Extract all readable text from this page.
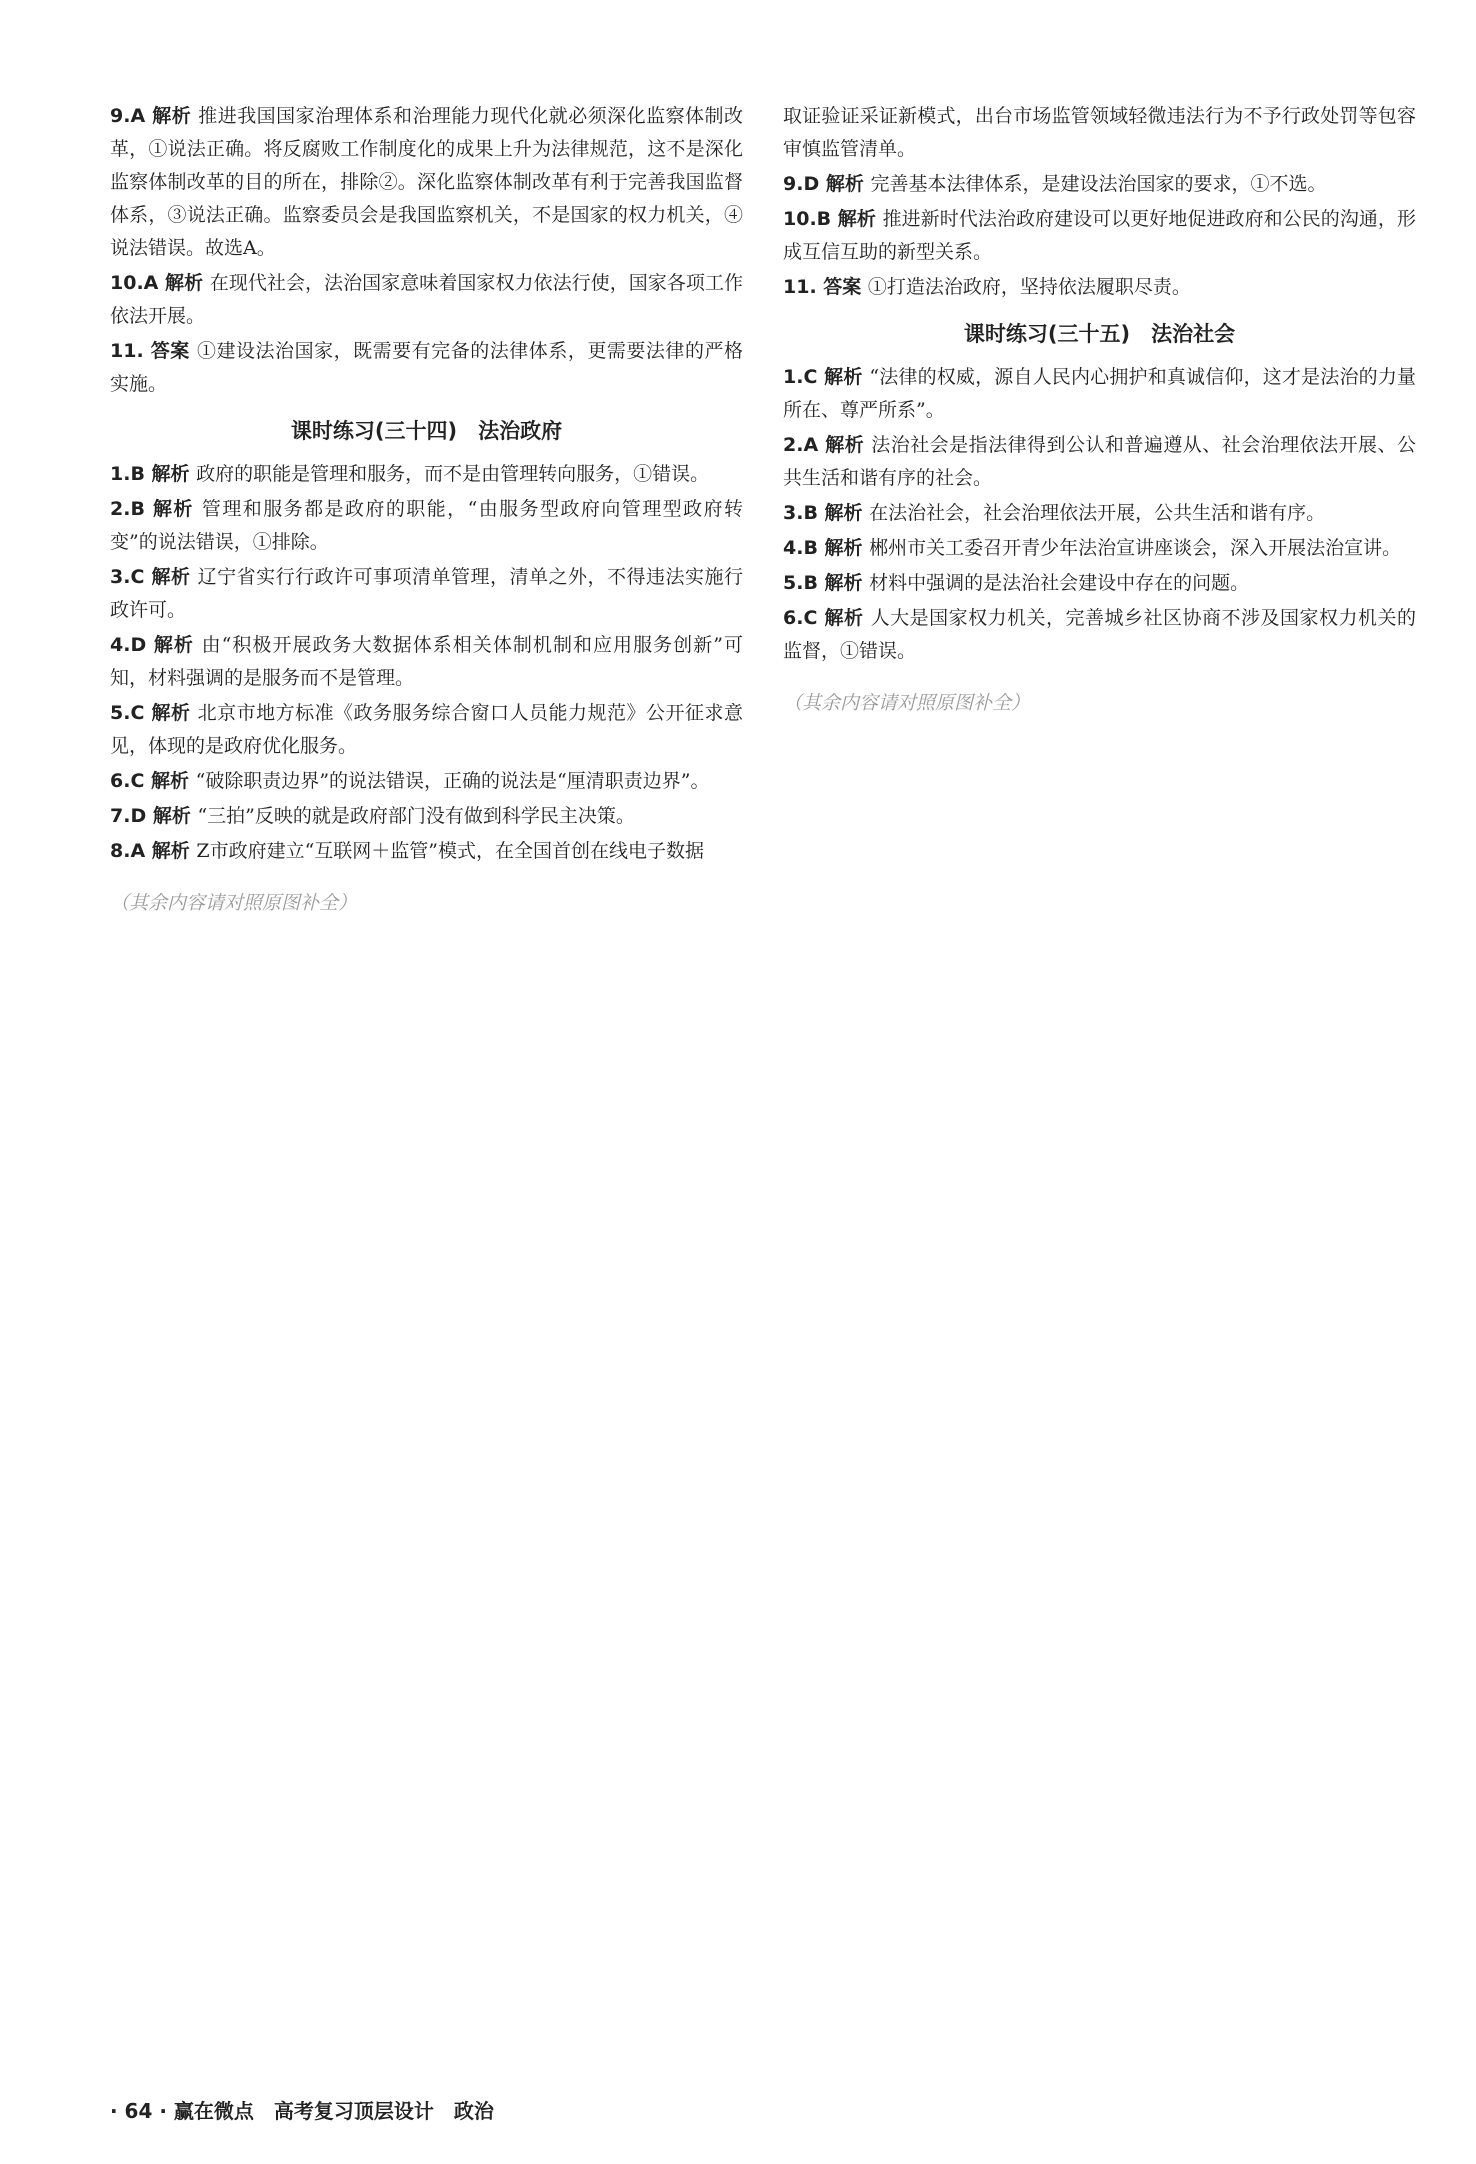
9.A 解析 推进我国国家治理体系和治理能力现代化就必须深化监察体制改革，①说法正确。将反腐败工作制度化的成果上升为法律规范，这不是深化监察体制改革的目的所在，排除②。深化监察体制改革有利于完善我国监督体系，③说法正确。监察委员会是我国监察机关，不是国家的权力机关，④说法错误。故选A。

10.A 解析 在现代社会，法治国家意味着国家权力依法行使，国家各项工作依法开展。

11. 答案 ①建设法治国家，既需要有完备的法律体系，更需要法律的严格实施。

课时练习(三十四)　法治政府

1.B 解析 政府的职能是管理和服务，而不是由管理转向服务，①错误。

2.B 解析 管理和服务都是政府的职能，“由服务型政府向管理型政府转变”的说法错误，①排除。

3.C 解析 辽宁省实行行政许可事项清单管理，清单之外，不得违法实施行政许可。

4.D 解析 由“积极开展政务大数据体系相关体制机制和应用服务创新”可知，材料强调的是服务而不是管理。

5.C 解析 北京市地方标准《政务服务综合窗口人员能力规范》公开征求意见，体现的是政府优化服务。

6.C 解析 “破除职责边界”的说法错误，正确的说法是“厘清职责边界”。

7.D 解析 “三拍”反映的就是政府部门没有做到科学民主决策。

8.A 解析 Z市政府建立“互联网＋监管”模式，在全国首创在线电子数据

（其余内容请对照原图补全）

取证验证采证新模式，出台市场监管领域轻微违法行为不予行政处罚等包容审慎监管清单。

9.D 解析 完善基本法律体系，是建设法治国家的要求，①不选。

10.B 解析 推进新时代法治政府建设可以更好地促进政府和公民的沟通，形成互信互助的新型关系。

11. 答案 ①打造法治政府，坚持依法履职尽责。

课时练习(三十五)　法治社会

1.C 解析 “法律的权威，源自人民内心拥护和真诚信仰，这才是法治的力量所在、尊严所系”。

2.A 解析 法治社会是指法律得到公认和普遍遵从、社会治理依法开展、公共生活和谐有序的社会。

3.B 解析 在法治社会，社会治理依法开展，公共生活和谐有序。

4.B 解析 郴州市关工委召开青少年法治宣讲座谈会，深入开展法治宣讲。

5.B 解析 材料中强调的是法治社会建设中存在的问题。

6.C 解析 人大是国家权力机关，完善城乡社区协商不涉及国家权力机关的监督，①错误。

（其余内容请对照原图补全）

· 64 · 赢在微点　高考复习顶层设计　政治
